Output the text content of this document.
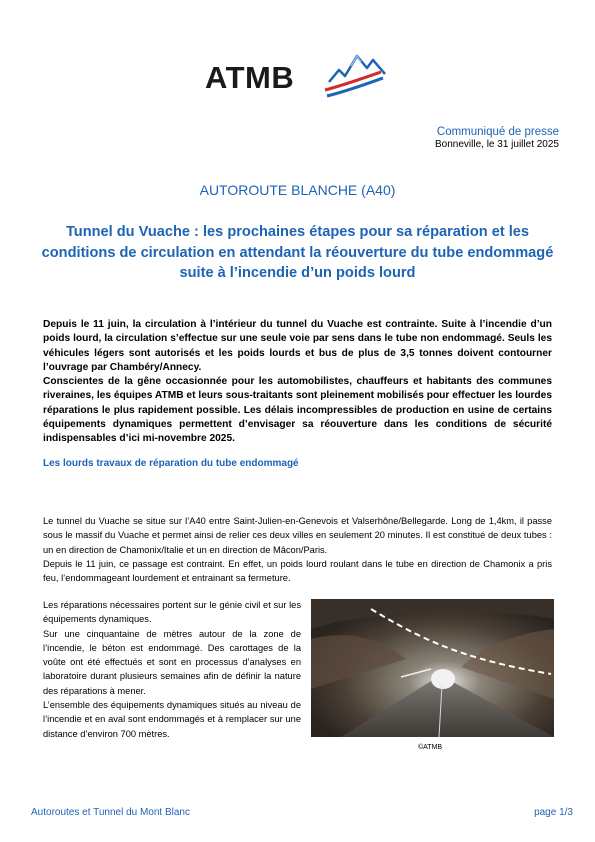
ATMB
Communiqué de presse
Bonneville, le 31 juillet 2025
AUTOROUTE BLANCHE (A40)
Tunnel du Vuache : les prochaines étapes pour sa réparation et les conditions de circulation en attendant la réouverture du tube endommagé suite à l’incendie d’un poids lourd

Depuis le 11 juin, la circulation à l’intérieur du tunnel du Vuache est contrainte. Suite à l’incendie d’un poids lourd, la circulation s’effectue sur une seule voie par sens dans le tube non endommagé. Seuls les véhicules légers sont autorisés et les poids lourds et bus de plus de 3,5 tonnes doivent contourner l’ouvrage par Chambéry/Annecy.

Conscientes de la gêne occasionnée pour les automobilistes, chauffeurs et habitants des communes riveraines, les équipes ATMB et leurs sous-traitants sont pleinement mobilisés pour effectuer les lourdes réparations le plus rapidement possible. Les délais incompressibles de production en usine de certains équipements dynamiques permettent d’envisager sa réouverture dans les conditions de sécurité indispensables d’ici mi-novembre 2025.

Les lourds travaux de réparation du tube endommagé

Le tunnel du Vuache se situe sur l’A40 entre Saint-Julien-en-Genevois et Valserhône/Bellegarde. Long de 1,4km, il passe sous le massif du Vuache et permet ainsi de relier ces deux villes en seulement 20 minutes. Il est constitué de deux tubes : un en direction de Chamonix/Italie et un en direction de Mâcon/Paris.

Depuis le 11 juin, ce passage est contraint. En effet, un poids lourd roulant dans le tube en direction de Chamonix a pris feu, l’endommageant lourdement et entrainant sa fermeture.

Les réparations nécessaires portent sur le génie civil et sur les équipements dynamiques.

Sur une cinquantaine de mètres autour de la zone de l’incendie, le béton est endommagé. Des carottages de la voûte ont été effectués et sont en processus d’analyses en laboratoire durant plusieurs semaines afin de définir la nature des réparations à mener.

L’ensemble des équipements dynamiques situés au niveau de l’incendie et en aval sont endommagés et à remplacer sur une distance d’environ 700 mètres.

©ATMB
Autoroutes et Tunnel du Mont Blanc	page 1/3
